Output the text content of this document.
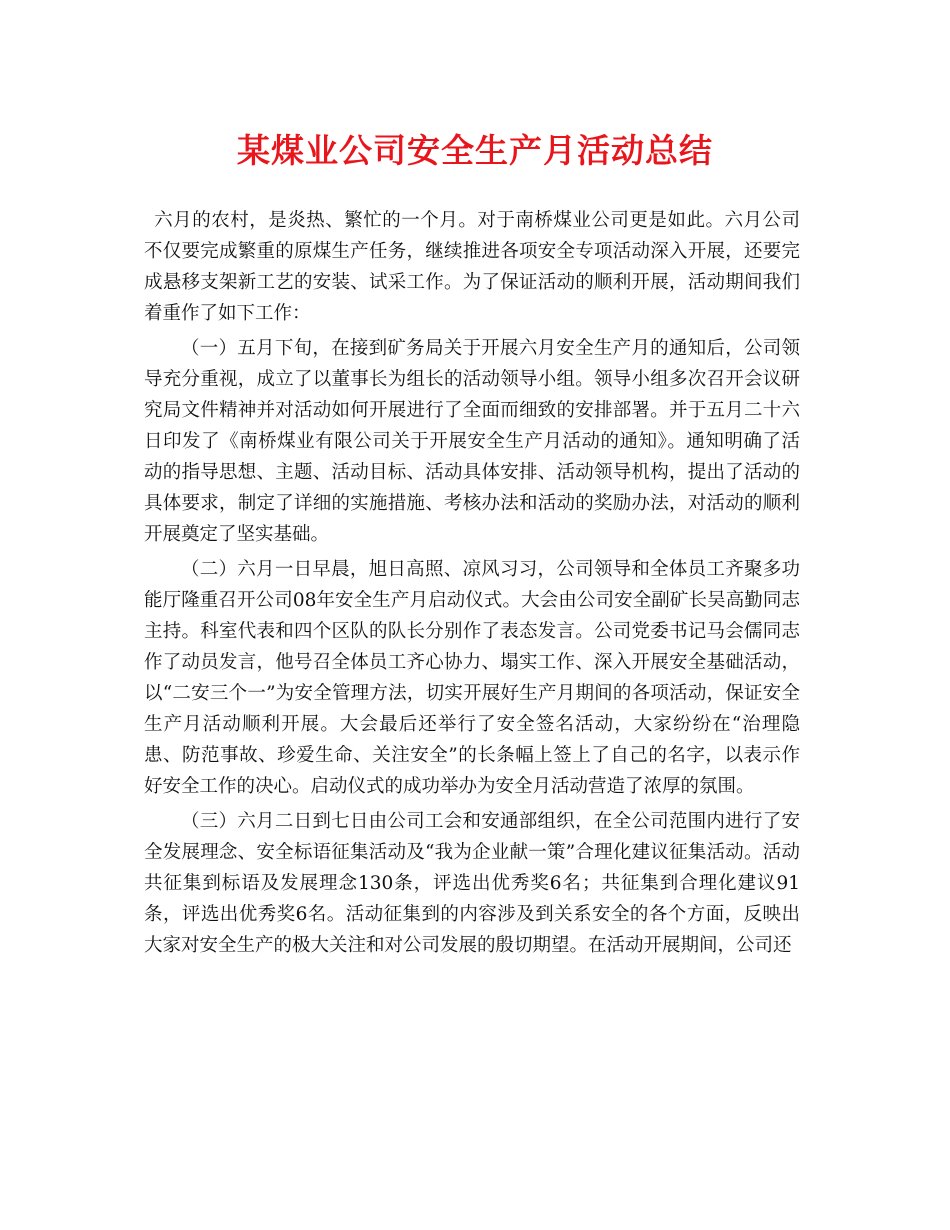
某煤业公司安全生产月活动总结

六月的农村，是炎热、繁忙的一个月。对于南桥煤业公司更是如此。六月公司不仅要完成繁重的原煤生产任务，继续推进各项安全专项活动深入开展，还要完成悬移支架新工艺的安装、试采工作。为了保证活动的顺利开展，活动期间我们着重作了如下工作：

（一）五月下旬，在接到矿务局关于开展六月安全生产月的通知后，公司领导充分重视，成立了以董事长为组长的活动领导小组。领导小组多次召开会议研究局文件精神并对活动如何开展进行了全面而细致的安排部署。并于五月二十六日印发了《南桥煤业有限公司关于开展安全生产月活动的通知》。通知明确了活动的指导思想、主题、活动目标、活动具体安排、活动领导机构，提出了活动的具体要求，制定了详细的实施措施、考核办法和活动的奖励办法，对活动的顺利开展奠定了坚实基础。

（二）六月一日早晨，旭日高照、凉风习习，公司领导和全体员工齐聚多功能厅隆重召开公司08年安全生产月启动仪式。大会由公司安全副矿长吴高勤同志主持。科室代表和四个区队的队长分别作了表态发言。公司党委书记马会儒同志作了动员发言，他号召全体员工齐心协力、塌实工作、深入开展安全基础活动，以“二安三个一”为安全管理方法，切实开展好生产月期间的各项活动，保证安全生产月活动顺利开展。大会最后还举行了安全签名活动，大家纷纷在“治理隐患、防范事故、珍爱生命、关注安全”的长条幅上签上了自己的名字，以表示作好安全工作的决心。启动仪式的成功举办为安全月活动营造了浓厚的氛围。

（三）六月二日到七日由公司工会和安通部组织，在全公司范围内进行了安全发展理念、安全标语征集活动及“我为企业献一策”合理化建议征集活动。活动共征集到标语及发展理念130条，评选出优秀奖6名；共征集到合理化建议91条，评选出优秀奖6名。活动征集到的内容涉及到关系安全的各个方面，反映出大家对安全生产的极大关注和对公司发展的殷切期望。在活动开展期间，公司还
